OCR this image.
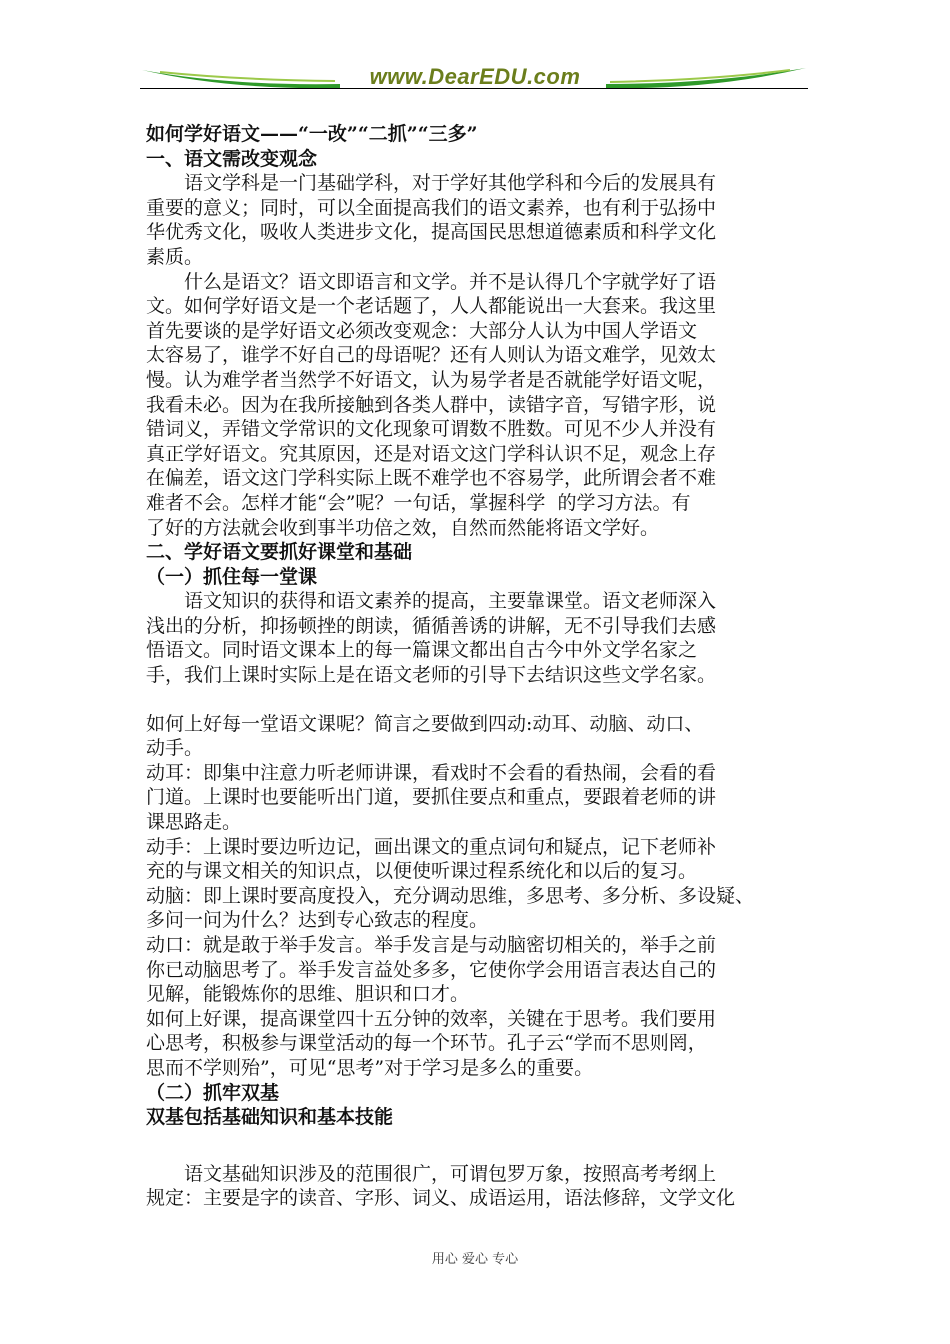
www.DearEDU.com

如何学好语文——“一改”“二抓”“三多”

一、语文需改变观念

语文学科是一门基础学科，对于学好其他学科和今后的发展具有

重要的意义；同时，可以全面提高我们的语文素养，也有利于弘扬中

华优秀文化，吸收人类进步文化，提高国民思想道德素质和科学文化

素质。

什么是语文？语文即语言和文学。并不是认得几个字就学好了语

文。如何学好语文是一个老话题了，人人都能说出一大套来。我这里

首先要谈的是学好语文必须改变观念：大部分人认为中国人学语文

太容易了，谁学不好自己的母语呢？还有人则认为语文难学，见效太

慢。认为难学者当然学不好语文，认为易学者是否就能学好语文呢，

我看未必。因为在我所接触到各类人群中，读错字音，写错字形，说

错词义，弄错文学常识的文化现象可谓数不胜数。可见不少人并没有

真正学好语文。究其原因，还是对语文这门学科认识不足，观念上存

在偏差，语文这门学科实际上既不难学也不容易学，此所谓会者不难

难者不会。怎样才能“会”呢？一句话，掌握科学  的学习方法。有

了好的方法就会收到事半功倍之效，自然而然能将语文学好。

二、学好语文要抓好课堂和基础

（一）抓住每一堂课

语文知识的获得和语文素养的提高，主要靠课堂。语文老师深入

浅出的分析，抑扬顿挫的朗读，循循善诱的讲解，无不引导我们去感

悟语文。同时语文课本上的每一篇课文都出自古今中外文学名家之

手，我们上课时实际上是在语文老师的引导下去结识这些文学名家。

如何上好每一堂语文课呢？简言之要做到四动:动耳、动脑、动口、

动手。

动耳：即集中注意力听老师讲课，看戏时不会看的看热闹，会看的看

门道。上课时也要能听出门道，要抓住要点和重点，要跟着老师的讲

课思路走。

动手：上课时要边听边记，画出课文的重点词句和疑点，记下老师补

充的与课文相关的知识点，以便使听课过程系统化和以后的复习。

动脑：即上课时要高度投入，充分调动思维，多思考、多分析、多设疑、

多问一问为什么？达到专心致志的程度。

动口：就是敢于举手发言。举手发言是与动脑密切相关的，举手之前

你已动脑思考了。举手发言益处多多，它使你学会用语言表达自己的

见解，能锻炼你的思维、胆识和口才。

如何上好课，提高课堂四十五分钟的效率，关键在于思考。我们要用

心思考，积极参与课堂活动的每一个环节。孔子云“学而不思则罔，

思而不学则殆”，可见“思考”对于学习是多么的重要。

（二）抓牢双基

双基包括基础知识和基本技能

语文基础知识涉及的范围很广，可谓包罗万象，按照高考考纲上

规定：主要是字的读音、字形、词义、成语运用，语法修辞，文学文化

用心 爱心 专心
